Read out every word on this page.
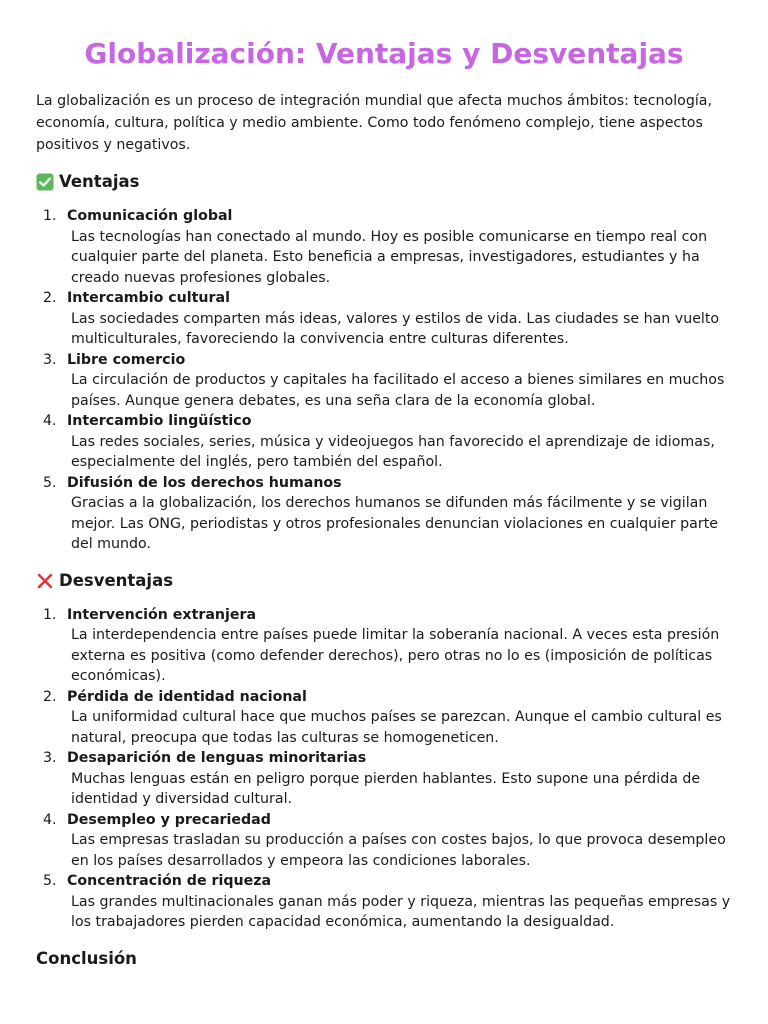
Globalización: Ventajas y Desventajas

La globalización es un proceso de integración mundial que afecta muchos ámbitos: tecnología, economía, cultura, política y medio ambiente. Como todo fenómeno complejo, tiene aspectos positivos y negativos.

Ventajas
1. Comunicación global
Las tecnologías han conectado al mundo. Hoy es posible comunicarse en tiempo real con cualquier parte del planeta. Esto beneficia a empresas, investigadores, estudiantes y ha creado nuevas profesiones globales.
2. Intercambio cultural
Las sociedades comparten más ideas, valores y estilos de vida. Las ciudades se han vuelto multiculturales, favoreciendo la convivencia entre culturas diferentes.
3. Libre comercio
La circulación de productos y capitales ha facilitado el acceso a bienes similares en muchos países. Aunque genera debates, es una seña clara de la economía global.
4. Intercambio lingüístico
Las redes sociales, series, música y videojuegos han favorecido el aprendizaje de idiomas, especialmente del inglés, pero también del español.
5. Difusión de los derechos humanos
Gracias a la globalización, los derechos humanos se difunden más fácilmente y se vigilan mejor. Las ONG, periodistas y otros profesionales denuncian violaciones en cualquier parte del mundo.
Desventajas
1. Intervención extranjera
La interdependencia entre países puede limitar la soberanía nacional. A veces esta presión externa es positiva (como defender derechos), pero otras no lo es (imposición de políticas económicas).
2. Pérdida de identidad nacional
La uniformidad cultural hace que muchos países se parezcan. Aunque el cambio cultural es natural, preocupa que todas las culturas se homogeneticen.
3. Desaparición de lenguas minoritarias
Muchas lenguas están en peligro porque pierden hablantes. Esto supone una pérdida de identidad y diversidad cultural.
4. Desempleo y precariedad
Las empresas trasladan su producción a países con costes bajos, lo que provoca desempleo en los países desarrollados y empeora las condiciones laborales.
5. Concentración de riqueza
Las grandes multinacionales ganan más poder y riqueza, mientras las pequeñas empresas y los trabajadores pierden capacidad económica, aumentando la desigualdad.
Conclusión
